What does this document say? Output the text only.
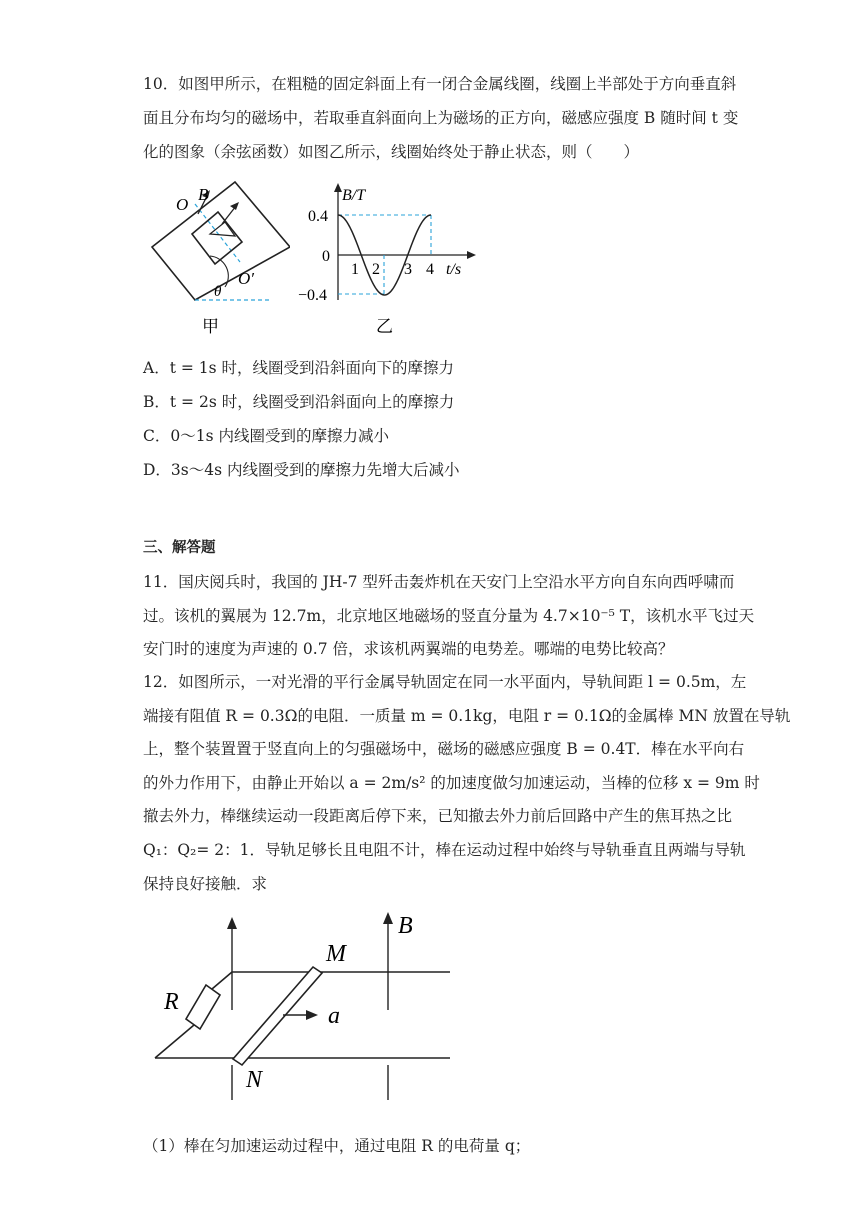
10．如图甲所示，在粗糙的固定斜面上有一闭合金属线圈，线圈上半部处于方向垂直斜
面且分布均匀的磁场中，若取垂直斜面向上为磁场的正方向，磁感应强度 B 随时间 t 变
化的图象（余弦函数）如图乙所示，线圈始终处于静止状态，则（　　）
B
O
O′
θ
甲
B/T
t/s
0.4
0
−0.4
1 2 3 4
乙
A．t = 1s 时，线圈受到沿斜面向下的摩擦力
B．t = 2s 时，线圈受到沿斜面向上的摩擦力
C．0～1s 内线圈受到的摩擦力减小
D．3s～4s 内线圈受到的摩擦力先增大后减小
三、解答题
11．国庆阅兵时，我国的 JH-7 型歼击轰炸机在天安门上空沿水平方向自东向西呼啸而
过。该机的翼展为 12.7m，北京地区地磁场的竖直分量为 4.7×10⁻⁵ T，该机水平飞过天
安门时的速度为声速的 0.7 倍，求该机两翼端的电势差。哪端的电势比较高？
12．如图所示，一对光滑的平行金属导轨固定在同一水平面内，导轨间距 l = 0.5m，左
端接有阻值 R = 0.3Ω的电阻．一质量 m = 0.1kg，电阻 r = 0.1Ω的金属棒 MN 放置在导轨
上，整个装置置于竖直向上的匀强磁场中，磁场的磁感应强度 B = 0.4T．棒在水平向右
的外力作用下，由静止开始以 a = 2m/s² 的加速度做匀加速运动，当棒的位移 x = 9m 时
撤去外力，棒继续运动一段距离后停下来，已知撤去外力前后回路中产生的焦耳热之比
Q₁：Q₂= 2：1．导轨足够长且电阻不计，棒在运动过程中始终与导轨垂直且两端与导轨
保持良好接触．求
B
M
R
a
N
（1）棒在匀加速运动过程中，通过电阻 R 的电荷量 q；
